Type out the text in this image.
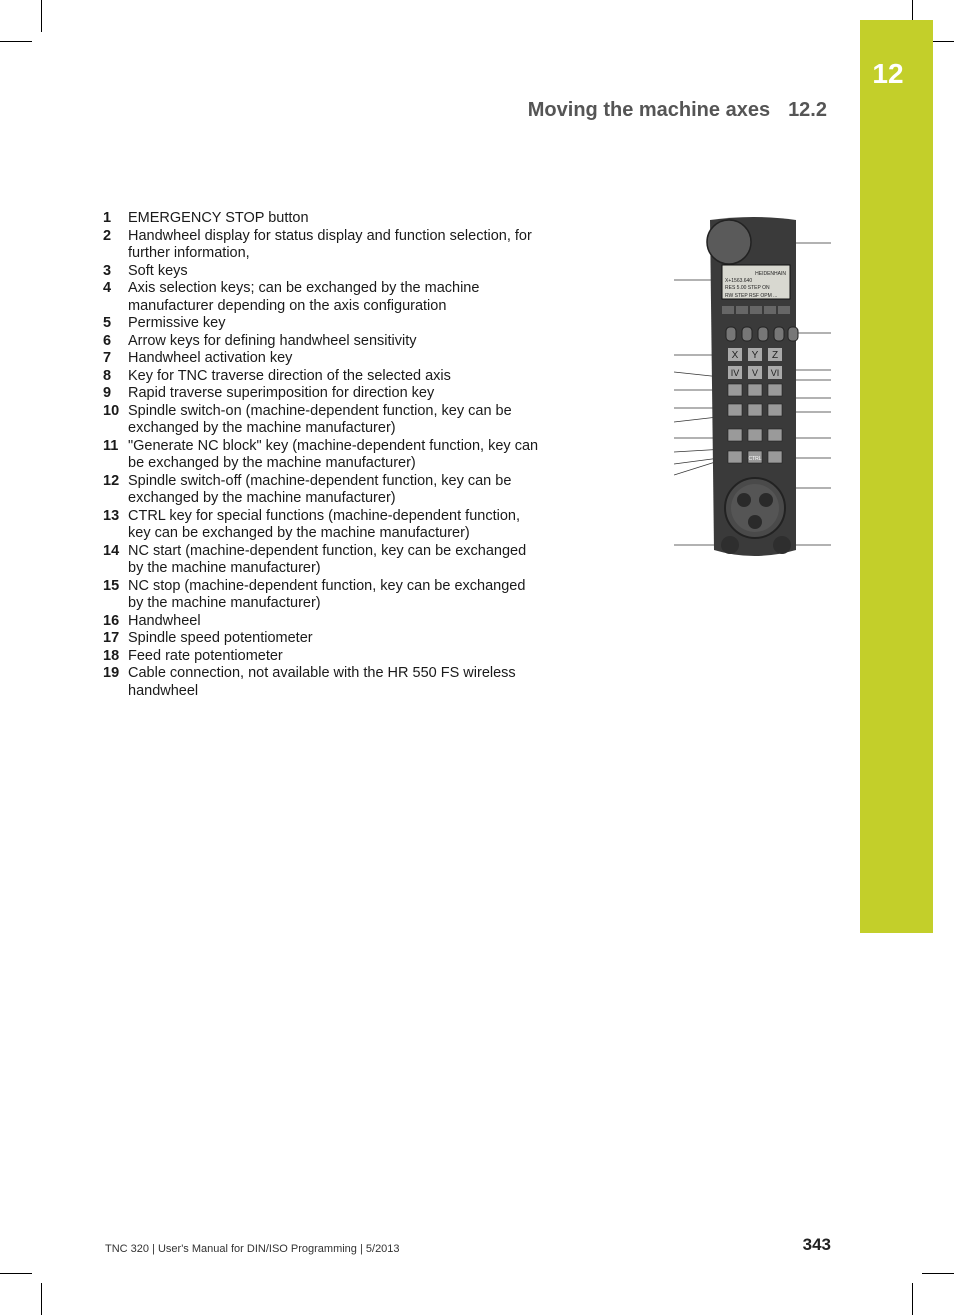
12
Moving the machine axes 12.2
1	EMERGENCY STOP button
2	Handwheel display for status display and function selection, for further information,
3	Soft keys
4	Axis selection keys; can be exchanged by the machine manufacturer depending on the axis configuration
5	Permissive key
6	Arrow keys for defining handwheel sensitivity
7	Handwheel activation key
8	Key for TNC traverse direction of the selected axis
9	Rapid traverse superimposition for direction key
10 Spindle switch-on (machine-dependent function, key can be exchanged by the machine manufacturer)
11 "Generate NC block" key (machine-dependent function, key can be exchanged by the machine manufacturer)
12 Spindle switch-off (machine-dependent function, key can be exchanged by the machine manufacturer)
13 CTRL key for special functions (machine-dependent function, key can be exchanged by the machine manufacturer)
14 NC start (machine-dependent function, key can be exchanged by the machine manufacturer)
15 NC stop (machine-dependent function, key can be exchanged by the machine manufacturer)
16 Handwheel
17 Spindle speed potentiometer
18 Feed rate potentiometer
19 Cable connection, not available with the HR 550 FS wireless handwheel
HEIDENHAIN
X+1563.640
RES 5.00 STEP ON
RW STEP RSF OPM ...
X Y Z
IV V VI
CTRL
TNC 320 | User's Manual for DIN/ISO Programming | 5/2013	343
